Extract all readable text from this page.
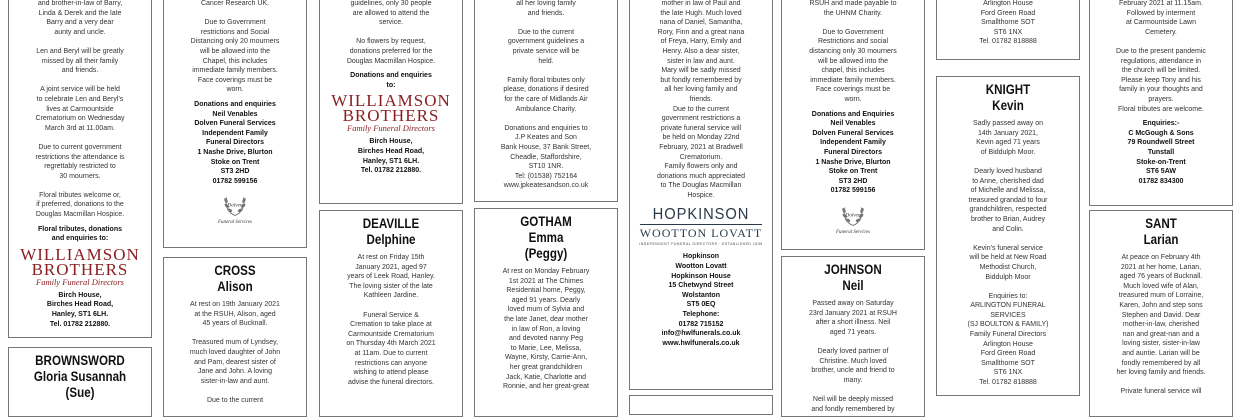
and brother-in-law of Barry,
Linda & Derek and the late
Barry and a very dear
aunty and uncle.

Len and Beryl will be greatly
missed by all their family
and friends.

A joint service will be held
to celebrate Len and Beryl's
lives at Carmountside
Crematorium on Wednesday
March 3rd at 11.00am.

Due to current government
restrictions the attendance is
regrettably restricted to
30 mourners.

Floral tributes welcome or,
if preferred, donations to the
Douglas Macmillan Hospice.
Floral tributes, donations
and enquiries to:
WILLIAMSON
BROTHERS
Family Funeral Directors
Birch House,
Birches Head Road,
Hanley, ST1 6LH.
Tel. 01782 212880.
BROWNSWORD
Gloria Susannah
(Sue)
Cancer Research UK.

Due to Government
restrictions and Social
Distancing only 20 mourners
will be allowed into the
Chapel, this includes
immediate family members.
Face coverings must be
worn.
Donations and enquiries
Neil Venables
Dolven Funeral Services
Independent Family
Funeral Directors
1 Nashe Drive, Blurton
Stoke on Trent
ST3 2HD
01782 599156
Dolven
Funeral Services
CROSS
Alison
At rest on 19th January 2021
at the RSUH, Alison, aged
45 years of Bucknall.

Treasured mum of Lyndsey,
much loved daughter of John
and Pam, dearest sister of
Jane and John. A loving
sister-in-law and aunt.

Due to the current
guidelines, only 30 people
are allowed to attend the
service.

No flowers by request,
donations preferred for the
Douglas Macmillan Hospice.
Donations and enquiries
to:
WILLIAMSON
BROTHERS
Family Funeral Directors
Birch House,
Birches Head Road,
Hanley, ST1 6LH.
Tel. 01782 212880.
DEAVILLE
Delphine
At rest on Friday 15th
January 2021, aged 97
years of Leek Road, Hanley.
The loving sister of the late
Kathleen Jardine.

Funeral Service &
Cremation to take place at
Carmountside Crematorium
on Thursday 4th March 2021
at 11am. Due to current
restrictions can anyone
wishing to attend please
advise the funeral directors.
all her loving family
and friends.

Due to the current
government guidelines a
private service will be
held.

Family floral tributes only
please, donations if desired
for the care of Midlands Air
Ambulance Charity.

Donations and enquiries to
J.P Keates and Son
Bank House, 37 Bank Street,
Cheadle, Staffordshire,
ST10 1NR.
Tel: (01538) 752164
www.jpkeatesandson.co.uk
GOTHAM
Emma
(Peggy)
At rest on Monday February
1st 2021 at The Chimes
Residential home, Peggy,
aged 91 years. Dearly
loved mum of Sylvia and
the late Janet, dear mother
in law of Ron, a loving
and devoted nanny Peg
to Marie, Lee, Melissa,
Wayne, Kirsty, Carrie-Ann,
her great grandchildren
Jack, Katie, Charlotte and
Ronnie, and her great-great
mother in law of Paul and
the late Hugh. Much loved
nana of Daniel, Samantha,
Rory, Finn and a great nana
of Freya, Harry, Emily and
Henry. Also a dear sister,
sister in law and aunt.
Mary will be sadly missed
but fondly remembered by
all her loving family and
friends.
Due to the current
government restrictions a
private funeral service will
be held on Monday 22nd
February, 2021 at Bradwell
Crematorium.
Family flowers only and
donations much appreciated
to The Douglas Macmillan
Hospice.
HOPKINSON
WOOTTON LOVATT
INDEPENDENT FUNERAL DIRECTORS · ESTABLISHED 1835
Hopkinson
Wootton Lovatt
Hopkinson House
15 Chetwynd Street
Wolstanton
ST5 0EQ
Telephone:
01782 715152
info@hwlfunerals.co.uk
www.hwlfunerals.co.uk
RSUH and made payable to
the UHNM Charity.

Due to Government
Restrictions and social
distancing only 30 mourners
will be allowed into the
chapel, this includes
immediate family members.
Face coverings must be
worn.
Donations and Enquiries
Neil Venables
Dolven Funeral Services
Independent Family
Funeral Directors
1 Nashe Drive, Blurton
Stoke on Trent
ST3 2HD
01782 599156
Dolven
Funeral Services
JOHNSON
Neil
Passed away on Saturday
23rd January 2021 at RSUH
after a short illness. Neil
aged 71 years.

Dearly loved partner of
Christine. Much loved
brother, uncle and friend to
many.

Neil will be deeply missed
and fondly remembered by
Arlington House
Ford Green Road
Smallthorne SOT
ST6 1NX
Tel. 01782 818888
KNIGHT
Kevin
Sadly passed away on
14th January 2021,
Kevin aged 71 years
of Biddulph Moor.

Dearly loved husband
to Anne, cherished dad
of Michelle and Melissa,
treasured grandad to four
grandchildren, respected
brother to Brian, Audrey
and Colin.

Kevin's funeral service
will be held at New Road
Methodist Church,
Biddulph Moor

Enquiries to:
ARLINGTON FUNERAL
SERVICES
(SJ BOULTON & FAMILY)
Family Funeral Directors
Arlington House
Ford Green Road
Smallthorne SOT
ST6 1NX
Tel. 01782 818888
February 2021 at 11.15am.
Followed by interment
at Carmountside Lawn
Cemetery.

Due to the present pandemic
regulations, attendance in
the church will be limited.
Please keep Tony and his
family in your thoughts and
prayers.
Floral tributes are welcome.
Enquiries:-
C McGough & Sons
79 Roundwell Street
Tunstall
Stoke-on-Trent
ST6 5AW
01782 834300
SANT
Larian
At peace on February 4th
2021 at her home, Larian,
aged 76 years of Bucknall.
Much loved wife of Alan,
treasured mum of Lorraine,
Karen, John and step sons
Stephen and David. Dear
mother-in-law, cherished
nan and great-nan and a
loving sister, sister-in-law
and auntie. Larian will be
fondly remembered by all
her loving family and friends.

Private funeral service will
